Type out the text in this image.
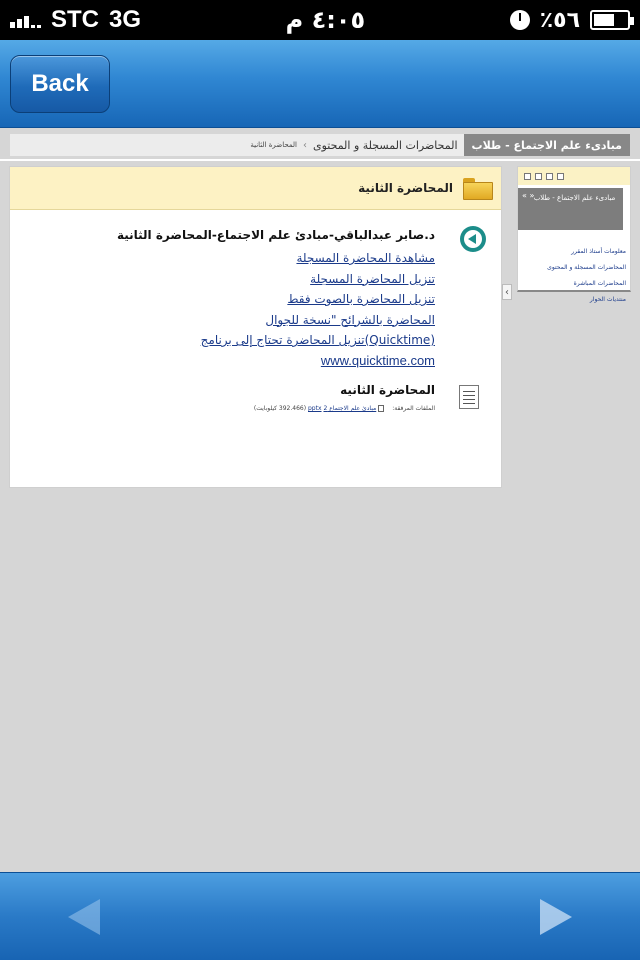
STC 3G	٤:٠٥ م	٪٥٦
Back
مبادىء علم الاجتماع - طلاب
المحاضرات المسجلة و المحتوى
›
المحاضرة الثانية
المحاضرة الثانية
د.صابر عبدالباقي-مبادئ علم الاجتماع-المحاضرة الثانية
مشاهدة المحاضرة المسجلة
تنزيل المحاضرة المسجلة
تنزيل المحاضرة بالصوت فقط
المحاضرة بالشرائح "نسخة للجوال
(Quicktime)تنزيل المحاضرة تحتاج إلى برنامج
www.quicktime.com
المحاضرة الثانيه
الملفات المرفقة:
مبادئ علم الاجتماع 2 pptx (392.466 كيلوبايت)
‹
« » مبادىء علم الاجتماع - طلاب
معلومات أستاذ المقرر
المحاضرات المسجلة و المحتوى
المحاضرات المباشرة
منتديات الحوار
